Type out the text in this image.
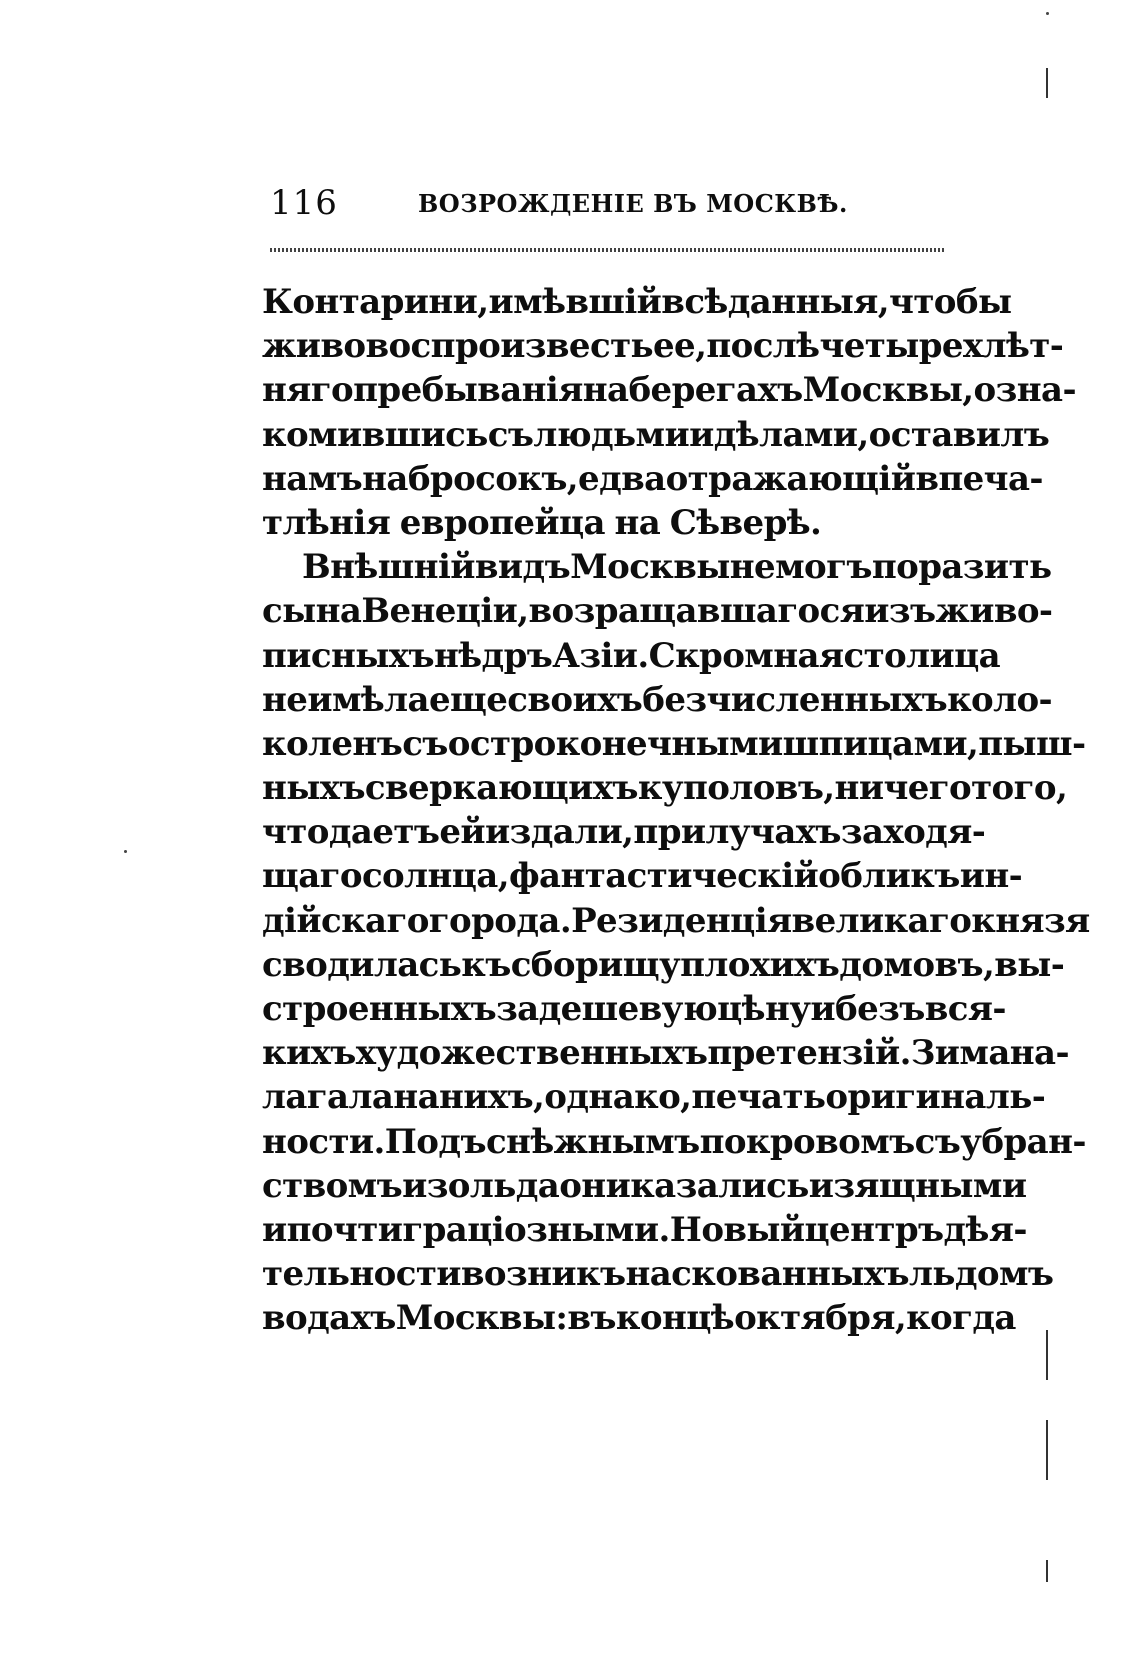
116	ВОЗРОЖДЕНІЕ ВЪ МОСКВѢ.
Контарини, имѣвшій всѣ данныя, чтобы
живо воспроизвесть ее, послѣ четырехлѣт-
няго пребыванія на берегахъ Москвы, озна-
комившись съ людьми и дѣлами, оставилъ
намъ набросокъ, едва отражающій впеча-
тлѣнія европейца на Сѣверѣ.
Внѣшній видъ Москвы не могъ поразить
сына Венеціи, возращавшагося изъ живо-
писныхъ нѣдръ Азіи. Скромная столица
не имѣла еще своихъ безчисленныхъ коло-
коленъ съ остроконечными шпицами, пыш-
ныхъ сверкающихъ куполовъ, ничего того,
что даетъ ей издали, при лучахъ заходя-
щаго солнца, фантастическій обликъ ин-
дійскаго города. Резиденція великаго князя
сводилась къ сборищу плохихъ домовъ, вы-
строенныхъ за дешевую цѣну и безъ вся-
кихъ художественныхъ претензій. Зима на-
лагала на нихъ, однако, печать оригиналь-
ности. Подъ снѣжнымъ покровомъ съ убран-
ствомъ изо льда они казались изящными
и почти граціозными. Новый центръ дѣя-
тельности возникъ на скованныхъ льдомъ
водахъ Москвы: въ концѣ октября, когда
